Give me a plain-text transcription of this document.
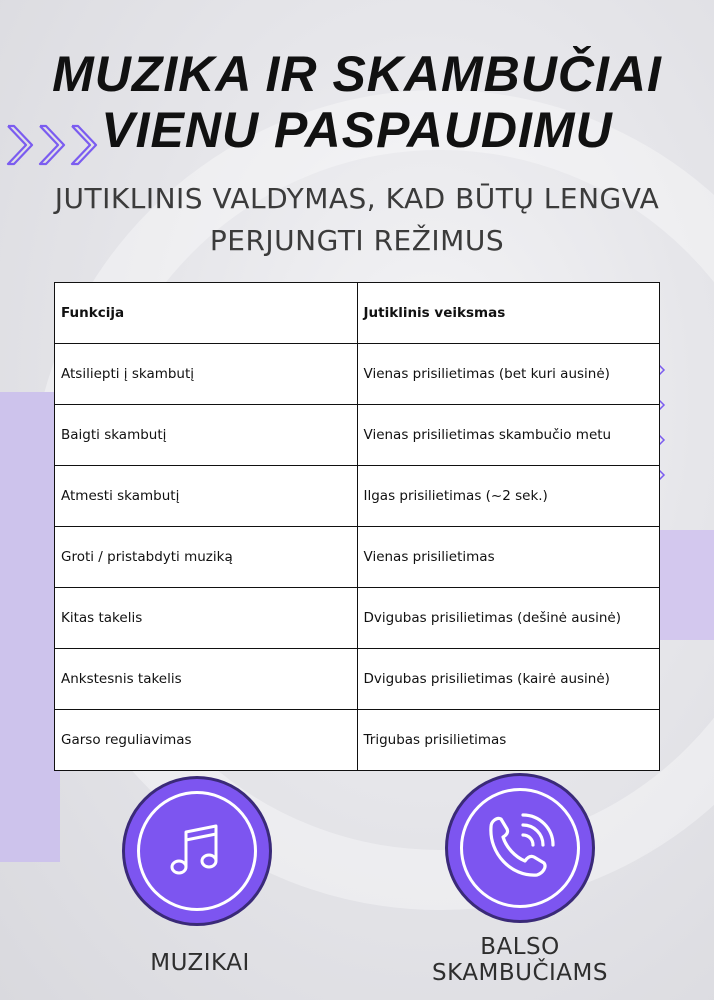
MUZIKA IR SKAMBUČIAI
VIENU PASPAUDIMU
JUTIKLINIS VALDYMAS, KAD BŪTŲ LENGVA
PERJUNGTI REŽIMUS
Funkcija	Jutiklinis veiksmas
Atsiliepti į skambutį	Vienas prisilietimas (bet kuri ausinė)
Baigti skambutį	Vienas prisilietimas skambučio metu
Atmesti skambutį	Ilgas prisilietimas (~2 sek.)
Groti / pristabdyti muziką	Vienas prisilietimas
Kitas takelis	Dvigubas prisilietimas (dešinė ausinė)
Ankstesnis takelis	Dvigubas prisilietimas (kairė ausinė)
Garso reguliavimas	Trigubas prisilietimas
MUZIKAI
BALSO
SKAMBUČIAMS
